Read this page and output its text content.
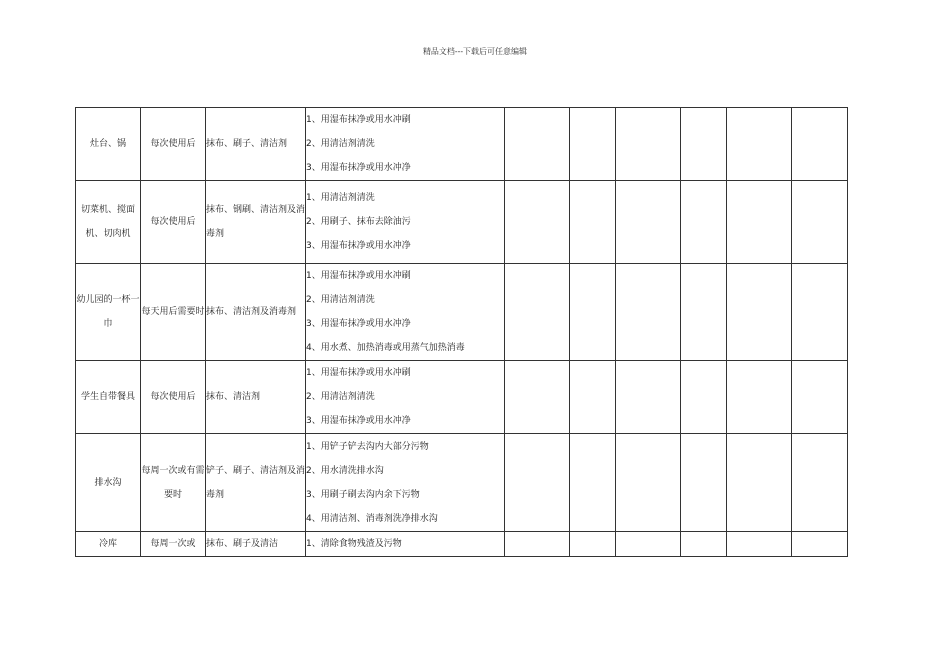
精品文档---下载后可任意编辑
灶台、锅	每次使用后	抹布、刷子、清洁剂	1、用湿布抹净或用水冲刷
2、用清洁剂清洗
3、用湿布抹净或用水冲净						

切菜机、搅面机、切肉机	每次使用后	抹布、钢刷、清洁剂及消毒剂	1、用清洁剂清洗
2、用刷子、抹布去除油污
3、用湿布抹净或用水冲净						

幼儿园的一杯一巾	每天用后需要时	抹布、清洁剂及消毒剂	1、用湿布抹净或用水冲刷
2、用清洁剂清洗
3、用湿布抹净或用水冲净
4、用水煮、加热消毒或用蒸气加热消毒						

学生自带餐具	每次使用后	抹布、清洁剂	1、用湿布抹净或用水冲刷
2、用清洁剂清洗
3、用湿布抹净或用水冲净						

排水沟	每周一次或有需要时	铲子、刷子、清洁剂及消毒剂	1、用铲子铲去沟内大部分污物
2、用水清洗排水沟
3、用刷子刷去沟内余下污物
4、用清洁剂、消毒剂洗净排水沟						

冷库	每周一次或	抹布、刷子及清洁	1、清除食物残渣及污物						
